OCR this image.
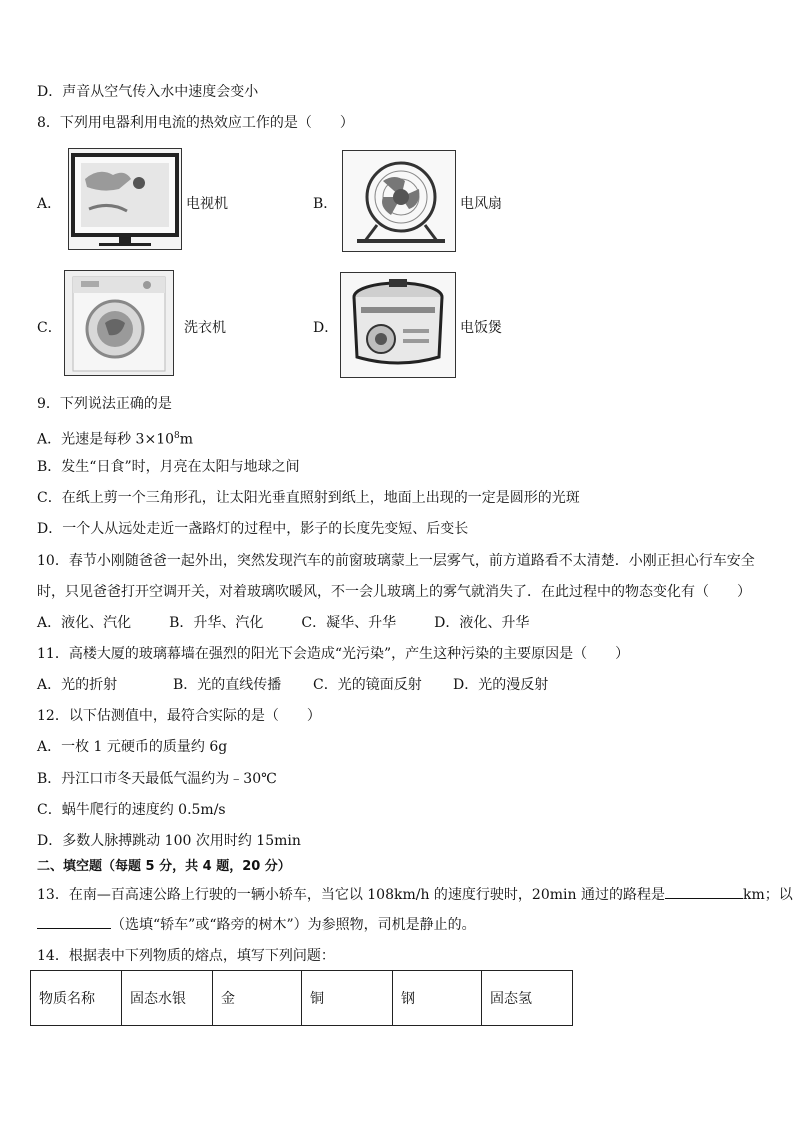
D．声音从空气传入水中速度会变小
8．下列用电器利用电流的热效应工作的是（　　）
A．	电视机	B．	电风扇
C．	洗衣机	D．	电饭煲
9．下列说法正确的是
A．光速是每秒 $3\times 10^8m$
B．发生“日食”时，月亮在太阳与地球之间
C．在纸上剪一个三角形孔，让太阳光垂直照射到纸上，地面上出现的一定是圆形的光斑
D．一个人从远处走近一盏路灯的过程中，影子的长度先变短、后变长
10．春节小刚随爸爸一起外出，突然发现汽车的前窗玻璃蒙上一层雾气，前方道路看不太清楚．小刚正担心行车安全
时，只见爸爸打开空调开关，对着玻璃吹暖风，不一会儿玻璃上的雾气就消失了．在此过程中的物态变化有（　　）
A．液化、汽化	B．升华、汽化	C．凝华、升华	D．液化、升华
11．高楼大厦的玻璃幕墙在强烈的阳光下会造成“光污染”，产生这种污染的主要原因是（　　）
A．光的折射	B．光的直线传播 C．光的镜面反射 D．光的漫反射
12．以下估测值中，最符合实际的是（　　）
A．一枚 1 元硬币的质量约 6g
B．丹江口市冬天最低气温约为﹣30℃
C．蜗牛爬行的速度约 0.5m/s
D．多数人脉搏跳动 100 次用时约 15min
二、填空题（每题 5 分，共 4 题，20 分）
13．在南—百高速公路上行驶的一辆小轿车，当它以 108km/h 的速度行驶时，20min 通过的路程是	km；以
（选填“轿车”或“路旁的树木”）为参照物，司机是静止的。
14．根据表中下列物质的熔点，填写下列问题：
物质名称	固态水银	金	铜	钢	固态氢
